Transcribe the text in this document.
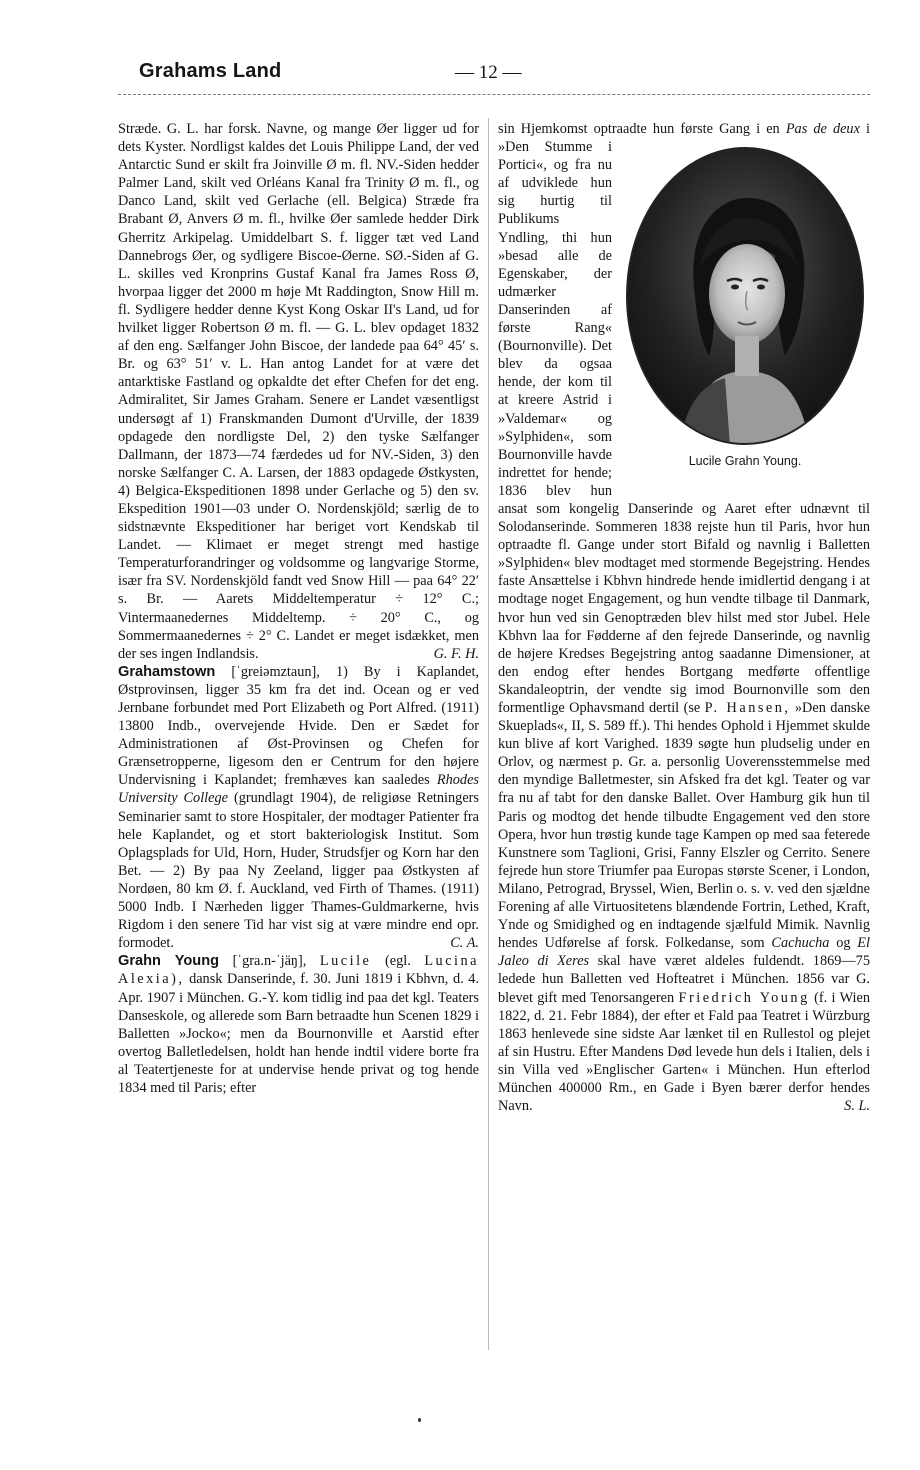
Grahams Land	— 12 —

Stræde. G. L. har forsk. Navne, og mange Øer ligger ud for dets Kyster. Nordligst kaldes det Louis Philippe Land, der ved Antarctic Sund er skilt fra Joinville Ø m. fl. NV.-Siden hedder Palmer Land, skilt ved Orléans Kanal fra Trinity Ø m. fl., og Danco Land, skilt ved Gerlache (ell. Belgica) Stræde fra Brabant Ø, Anvers Ø m. fl., hvilke Øer samlede hedder Dirk Gherritz Arkipelag. Umiddelbart S. f. ligger tæt ved Land Dannebrogs Øer, og sydligere Biscoe-Øerne. SØ.-Siden af G. L. skilles ved Kronprins Gustaf Kanal fra James Ross Ø, hvorpaa ligger det 2000 m høje Mt Raddington, Snow Hill m. fl. Sydligere hedder denne Kyst Kong Oskar II's Land, ud for hvilket ligger Robertson Ø m. fl. — G. L. blev opdaget 1832 af den eng. Sælfanger John Biscoe, der landede paa 64° 45′ s. Br. og 63° 51′ v. L. Han antog Landet for at være det antarktiske Fastland og opkaldte det efter Chefen for det eng. Admiralitet, Sir James Graham. Senere er Landet væsentligst undersøgt af 1) Franskmanden Dumont d'Urville, der 1839 opdagede den nordligste Del, 2) den tyske Sælfanger Dallmann, der 1873—74 færdedes ud for NV.-Siden, 3) den norske Sælfanger C. A. Larsen, der 1883 opdagede Østkysten, 4) Belgica-Ekspeditionen 1898 under Gerlache og 5) den sv. Ekspedition 1901—03 under O. Nordenskjöld; særlig de to sidstnævnte Ekspeditioner har beriget vort Kendskab til Landet. — Klimaet er meget strengt med hastige Temperaturforandringer og voldsomme og langvarige Storme, især fra SV. Nordenskjöld fandt ved Snow Hill — paa 64° 22′ s. Br. — Aarets Middeltemperatur ÷ 12° C.; Vintermaanedernes Middeltemp. ÷ 20° C., og Sommermaanedernes ÷ 2° C. Landet er meget isdækket, men der ses ingen Indlandsis.	G. F. H.

Grahamstown [ˈgreiəmztaun], 1) By i Kaplandet, Østprovinsen, ligger 35 km fra det ind. Ocean og er ved Jernbane forbundet med Port Elizabeth og Port Alfred. (1911) 13800 Indb., overvejende Hvide. Den er Sædet for Administrationen af Øst-Provinsen og Chefen for Grænsetropperne, ligesom den er Centrum for den højere Undervisning i Kaplandet; fremhæves kan saaledes Rhodes University College (grundlagt 1904), de religiøse Retningers Seminarier samt to store Hospitaler, der modtager Patienter fra hele Kaplandet, og et stort bakteriologisk Institut. Som Oplagsplads for Uld, Horn, Huder, Strudsfjer og Korn har den Bet. — 2) By paa Ny Zeeland, ligger paa Østkysten af Nordøen, 80 km Ø. f. Auckland, ved Firth of Thames. (1911) 5000 Indb. I Nærheden ligger Thames-Guldmarkerne, hvis Rigdom i den senere Tid har vist sig at være mindre end opr. formodet.	C. A.

Grahn Young [ˈgra.n-ˈjäŋ], Lucile (egl. Lucina Alexia), dansk Danserinde, f. 30. Juni 1819 i Kbhvn, d. 4. Apr. 1907 i München. G.-Y. kom tidlig ind paa det kgl. Teaters Danseskole, og allerede som Barn betraadte hun Scenen 1829 i Balletten »Jocko«; men da Bournonville et Aarstid efter overtog Balletledelsen, holdt han hende indtil videre borte fra al Teatertjeneste for at undervise hende privat og tog hende 1834 med til Paris; efter

sin Hjemkomst optraadte hun første Gang i en Pas de deux
Lucile Grahn Young.
i »Den Stumme i Portici«, og fra nu af udviklede hun sig hurtig til Publikums Yndling, thi hun »besad alle de Egenskaber, der udmærker Danserinden af første Rang« (Bournonville). Det blev da ogsaa hende, der kom til at kreere Astrid i »Valdemar« og »Sylphiden«, som Bournonville havde indrettet for hende; 1836 blev hun ansat som kongelig Danserinde og Aaret efter udnævnt til Solodanserinde. Sommeren 1838 rejste hun til Paris, hvor hun optraadte fl. Gange under stort Bifald og navnlig i Balletten »Sylphiden« blev modtaget med stormende Begejstring. Hendes faste Ansættelse i Kbhvn hindrede hende imidlertid dengang i at modtage noget Engagement, og hun vendte tilbage til Danmark, hvor hun ved sin Genoptræden blev hilst med stor Jubel. Hele Kbhvn laa for Fødderne af den fejrede Danserinde, og navnlig de højere Kredses Begejstring antog saadanne Dimensioner, at den endog efter hendes Bortgang medførte offentlige Skandaleoptrin, der vendte sig imod Bournonville som den formentlige Ophavsmand dertil (se P. Hansen, »Den danske Skueplads«, II, S. 589 ff.). Thi hendes Ophold i Hjemmet skulde kun blive af kort Varighed. 1839 søgte hun pludselig under en Orlov, og nærmest p. Gr. a. personlig Uoverensstemmelse med den myndige Balletmester, sin Afsked fra det kgl. Teater og var fra nu af tabt for den danske Ballet. Over Hamburg gik hun til Paris og modtog det hende tilbudte Engagement ved den store Opera, hvor hun trøstig kunde tage Kampen op med saa feterede Kunstnere som Taglioni, Grisi, Fanny Elszler og Cerrito. Senere fejrede hun store Triumfer paa Europas største Scener, i London, Milano, Petrograd, Bryssel, Wien, Berlin o. s. v. ved den sjældne Forening af alle Virtuositetens blændende Fortrin, Lethed, Kraft, Ynde og Smidighed og en indtagende sjælfuld Mimik. Navnlig hendes Udførelse af forsk. Folkedanse, som Cachucha og El Jaleo di Xeres skal have været aldeles fuldendt. 1869—75 ledede hun Balletten ved Hofteatret i München. 1856 var G. blevet gift med Tenorsangeren Friedrich Young (f. i Wien 1822, d. 21. Febr 1884), der efter et Fald paa Teatret i Würzburg 1863 henlevede sine sidste Aar lænket til en Rullestol og plejet af sin Hustru. Efter Mandens Død levede hun dels i Italien, dels i sin Villa ved »Englischer Garten« i München. Hun efterlod München 400000 Rm., en Gade i Byen bærer derfor hendes Navn.	S. L.
